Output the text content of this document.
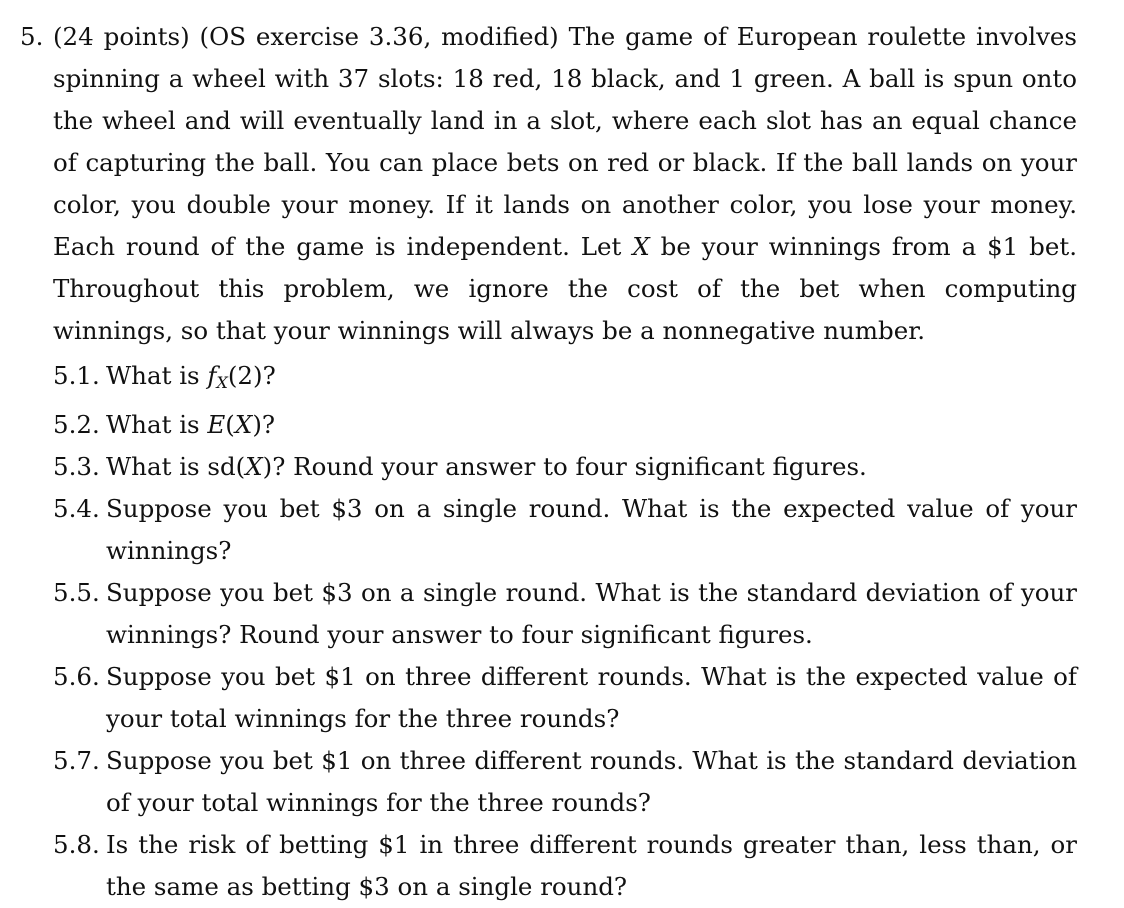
5. (24 points) (OS exercise 3.36, modified) The game of European roulette involves spinning a wheel with 37 slots: 18 red, 18 black, and 1 green. A ball is spun onto the wheel and will eventually land in a slot, where each slot has an equal chance of capturing the ball. You can place bets on red or black. If the ball lands on your color, you double your money. If it lands on another color, you lose your money. Each round of the game is independent. Let X be your winnings from a $1 bet. Throughout this problem, we ignore the cost of the bet when computing winnings, so that your winnings will always be a nonnegative number.

5.1. What is $f_X(2)$?
5.2. What is E(X)?
5.3. What is sd(X)? Round your answer to four significant figures.
5.4. Suppose you bet $3 on a single round. What is the expected value of your winnings?
5.5. Suppose you bet $3 on a single round. What is the standard deviation of your winnings? Round your answer to four significant figures.
5.6. Suppose you bet $1 on three different rounds. What is the expected value of your total winnings for the three rounds?
5.7. Suppose you bet $1 on three different rounds. What is the standard deviation of your total winnings for the three rounds?
5.8. Is the risk of betting $1 in three different rounds greater than, less than, or the same as betting $3 on a single round?
